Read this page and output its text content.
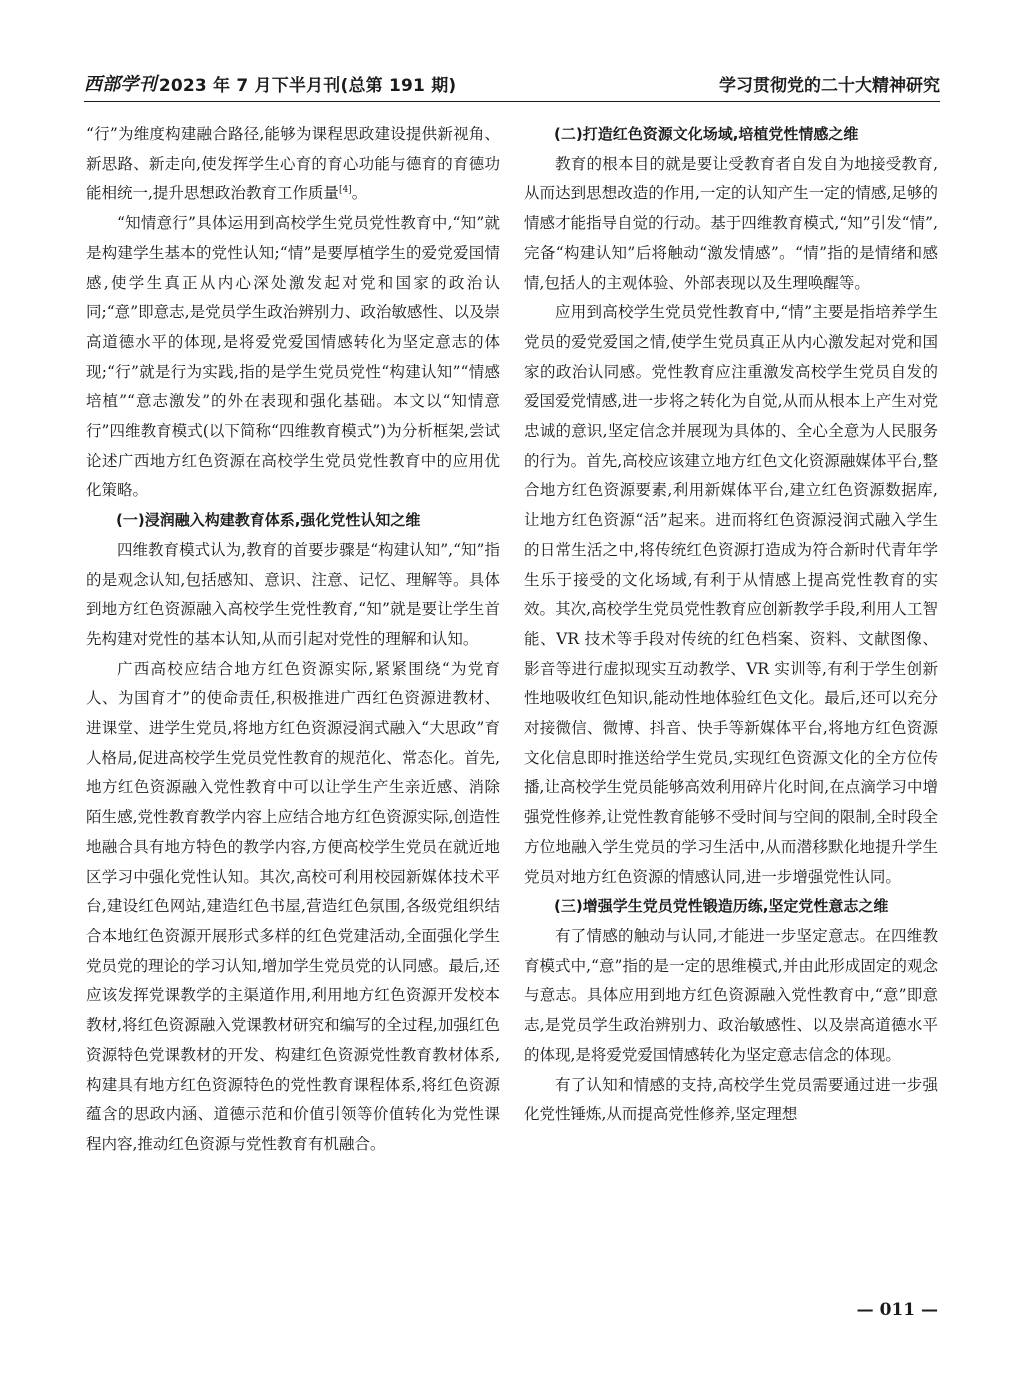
西部学刊 2023 年 7 月下半月刊(总第 191 期)	学习贯彻党的二十大精神研究

“行”为维度构建融合路径,能够为课程思政建设提供新视角、新思路、新走向,使发挥学生心育的育心功能与德育的育德功能相统一,提升思想政治教育工作质量[4]。

“知情意行”具体运用到高校学生党员党性教育中,“知”就是构建学生基本的党性认知;“情”是要厚植学生的爱党爱国情感,使学生真正从内心深处激发起对党和国家的政治认同;“意”即意志,是党员学生政治辨别力、政治敏感性、以及崇高道德水平的体现,是将爱党爱国情感转化为坚定意志的体现;“行”就是行为实践,指的是学生党员党性“构建认知”“情感培植”“意志激发”的外在表现和强化基础。本文以“知情意行”四维教育模式(以下简称“四维教育模式”)为分析框架,尝试论述广西地方红色资源在高校学生党员党性教育中的应用优化策略。

(一)浸润融入构建教育体系,强化党性认知之维

四维教育模式认为,教育的首要步骤是“构建认知”,“知”指的是观念认知,包括感知、意识、注意、记忆、理解等。具体到地方红色资源融入高校学生党性教育,“知”就是要让学生首先构建对党性的基本认知,从而引起对党性的理解和认知。

广西高校应结合地方红色资源实际,紧紧围绕“为党育人、为国育才”的使命责任,积极推进广西红色资源进教材、进课堂、进学生党员,将地方红色资源浸润式融入“大思政”育人格局,促进高校学生党员党性教育的规范化、常态化。首先,地方红色资源融入党性教育中可以让学生产生亲近感、消除陌生感,党性教育教学内容上应结合地方红色资源实际,创造性地融合具有地方特色的教学内容,方便高校学生党员在就近地区学习中强化党性认知。其次,高校可利用校园新媒体技术平台,建设红色网站,建造红色书屋,营造红色氛围,各级党组织结合本地红色资源开展形式多样的红色党建活动,全面强化学生党员党的理论的学习认知,增加学生党员党的认同感。最后,还应该发挥党课教学的主渠道作用,利用地方红色资源开发校本教材,将红色资源融入党课教材研究和编写的全过程,加强红色资源特色党课教材的开发、构建红色资源党性教育教材体系,构建具有地方红色资源特色的党性教育课程体系,将红色资源蕴含的思政内涵、道德示范和价值引领等价值转化为党性课程内容,推动红色资源与党性教育有机融合。

(二)打造红色资源文化场域,培植党性情感之维

教育的根本目的就是要让受教育者自发自为地接受教育,从而达到思想改造的作用,一定的认知产生一定的情感,足够的情感才能指导自觉的行动。基于四维教育模式,“知”引发“情”,完备“构建认知”后将触动“激发情感”。“情”指的是情绪和感情,包括人的主观体验、外部表现以及生理唤醒等。

应用到高校学生党员党性教育中,“情”主要是指培养学生党员的爱党爱国之情,使学生党员真正从内心激发起对党和国家的政治认同感。党性教育应注重激发高校学生党员自发的爱国爱党情感,进一步将之转化为自觉,从而从根本上产生对党忠诚的意识,坚定信念并展现为具体的、全心全意为人民服务的行为。首先,高校应该建立地方红色文化资源融媒体平台,整合地方红色资源要素,利用新媒体平台,建立红色资源数据库,让地方红色资源“活”起来。进而将红色资源浸润式融入学生的日常生活之中,将传统红色资源打造成为符合新时代青年学生乐于接受的文化场域,有利于从情感上提高党性教育的实效。其次,高校学生党员党性教育应创新教学手段,利用人工智能、VR 技术等手段对传统的红色档案、资料、文献图像、影音等进行虚拟现实互动教学、VR 实训等,有利于学生创新性地吸收红色知识,能动性地体验红色文化。最后,还可以充分对接微信、微博、抖音、快手等新媒体平台,将地方红色资源文化信息即时推送给学生党员,实现红色资源文化的全方位传播,让高校学生党员能够高效利用碎片化时间,在点滴学习中增强党性修养,让党性教育能够不受时间与空间的限制,全时段全方位地融入学生党员的学习生活中,从而潜移默化地提升学生党员对地方红色资源的情感认同,进一步增强党性认同。

(三)增强学生党员党性锻造历练,坚定党性意志之维

有了情感的触动与认同,才能进一步坚定意志。在四维教育模式中,“意”指的是一定的思维模式,并由此形成固定的观念与意志。具体应用到地方红色资源融入党性教育中,“意”即意志,是党员学生政治辨别力、政治敏感性、以及崇高道德水平的体现,是将爱党爱国情感转化为坚定意志信念的体现。

有了认知和情感的支持,高校学生党员需要通过进一步强化党性锤炼,从而提高党性修养,坚定理想

— 011 —
